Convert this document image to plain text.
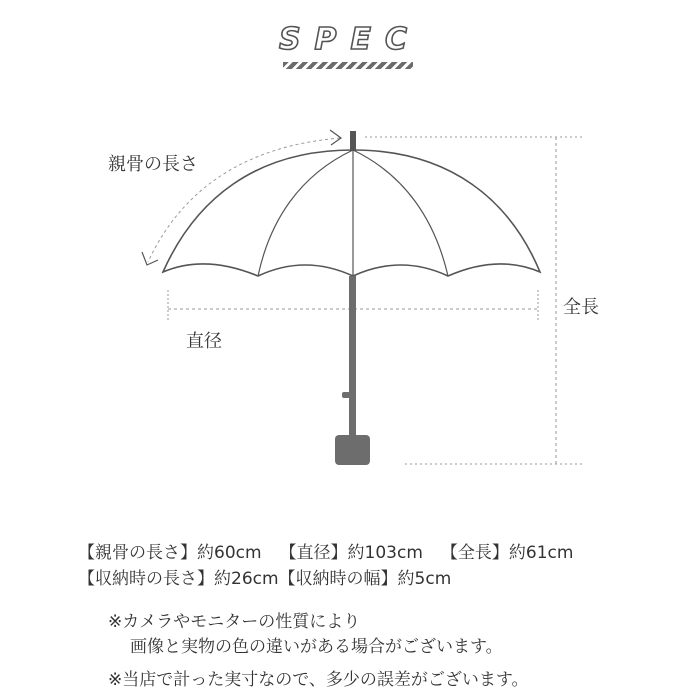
SPEC
親骨の長さ
直径
全長
【親骨の長さ】約60cm 【直径】約103cm 【全長】約61cm
【収納時の長さ】約26cm【収納時の幅】約5cm
※カメラやモニターの性質により
画像と実物の色の違いがある場合がございます。
※当店で計った実寸なので、多少の誤差がございます。
